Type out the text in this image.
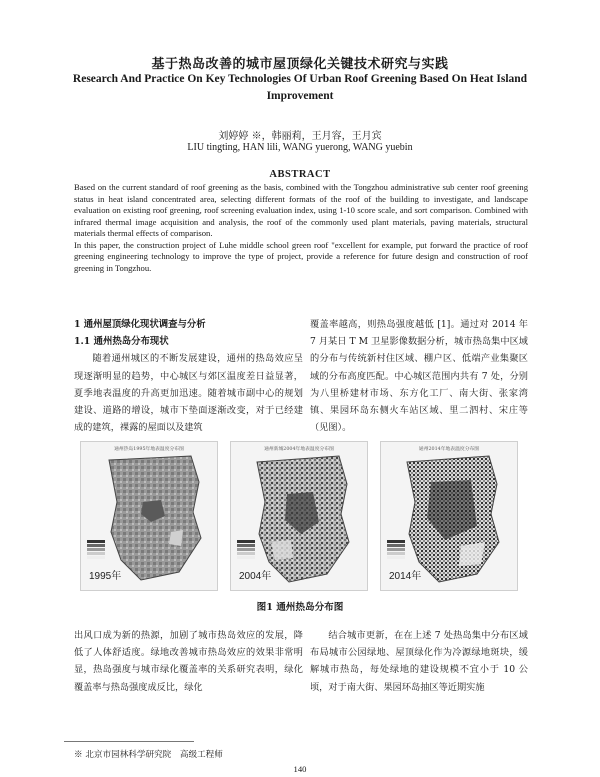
基于热岛改善的城市屋顶绿化关键技术研究与实践
Research And Practice On Key Technologies Of Urban Roof Greening Based On Heat Island Improvement
刘婷婷 ※，韩丽莉，王月容，王月宾
LIU tingting, HAN lili, WANG yuerong, WANG yuebin
ABSTRACT

Based on the current standard of roof greening as the basis, combined with the Tongzhou administrative sub center roof greening status in heat island concentrated area, selecting different formats of the roof of the building to investigate, and landscape evaluation on existing roof greening, roof screening evaluation index, using 1-10 score scale, and sort comparison. Combined with infrared thermal image acquisition and analysis, the roof of the commonly used plant materials, paving materials, structural materials thermal effects of comparison.

In this paper, the construction project of Luhe middle school green roof "excellent for example, put forward the practice of roof greening engineering technology to improve the type of project, provide a reference for future design and construction of roof greening in Tongzhou.

1 通州屋顶绿化现状调查与分析

1.1 通州热岛分布现状

随着通州城区的不断发展建设，通州的热岛效应呈现逐渐明显的趋势，中心城区与郊区温度差日益显著，夏季地表温度的升高更加迅速。随着城市副中心的规划建设、道路的增设，城市下垫面逐渐改变，对于已经建成的建筑，裸露的屋面以及建筑

覆盖率越高，则热岛强度越低 [1]。通过对 2014 年 7 月某日 T M 卫星影像数据分析，城市热岛集中区域的分布与传统新村住区域、棚户区、低端产业集聚区域的分布高度匹配。中心城区范围内共有 7 处，分别为八里桥建材市场、东方化工厂、南大街、张家湾镇、果园环岛东侧火车站区域、里二泗村、宋庄等（见图）。

通州热岛1995年地表温度分布图
1995年
通州新城2004年地表温度分布图
2004年
通州2014年地表温度分布图
2014年
图1 通州热岛分布图

出风口成为新的热源，加剧了城市热岛效应的发展，降低了人体舒适度。绿地改善城市热岛效应的效果非常明显，热岛强度与城市绿化覆盖率的关系研究表明，绿化覆盖率与热岛强度成反比，绿化

结合城市更新，在在上述 7 处热岛集中分布区域布局城市公园绿地、屋顶绿化作为冷源绿地斑块，缓解城市热岛，每处绿地的建设规模不宜小于 10 公顷，对于南大街、果园环岛抽区等近期实施

※ 北京市园林科学研究院　高级工程师
140
